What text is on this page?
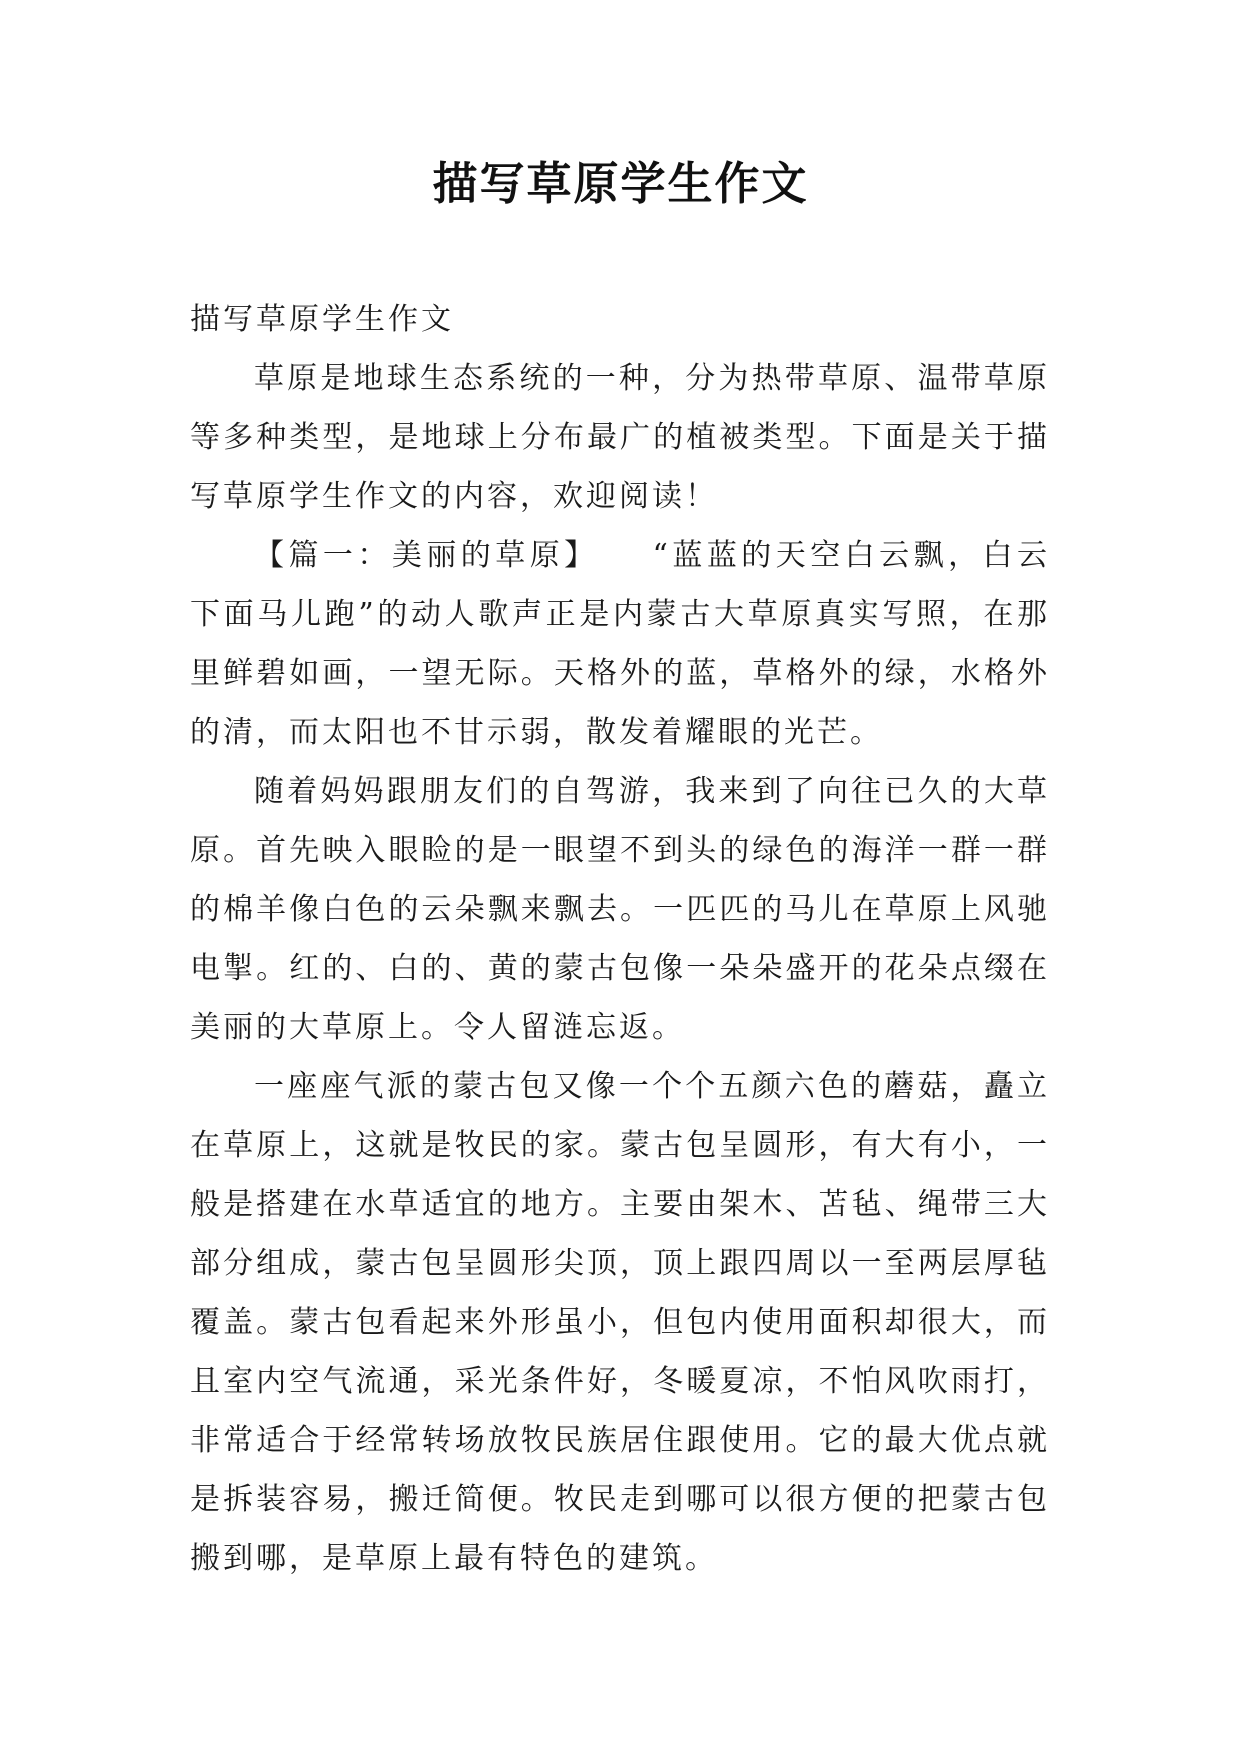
描写草原学生作文

描写草原学生作文

草原是地球生态系统的一种，分为热带草原、温带草原
等多种类型，是地球上分布最广的植被类型。下面是关于描
写草原学生作文的内容，欢迎阅读！
【篇一：美丽的草原】　　“蓝蓝的天空白云飘，白云
下面马儿跑”的动人歌声正是内蒙古大草原真实写照，在那
里鲜碧如画，一望无际。天格外的蓝，草格外的绿，水格外
的清，而太阳也不甘示弱，散发着耀眼的光芒。
随着妈妈跟朋友们的自驾游，我来到了向往已久的大草
原。首先映入眼睑的是一眼望不到头的绿色的海洋一群一群
的棉羊像白色的云朵飘来飘去。一匹匹的马儿在草原上风驰
电掣。红的、白的、黄的蒙古包像一朵朵盛开的花朵点缀在
美丽的大草原上。令人留涟忘返。
一座座气派的蒙古包又像一个个五颜六色的蘑菇，矗立
在草原上，这就是牧民的家。蒙古包呈圆形，有大有小，一
般是搭建在水草适宜的地方。主要由架木、苫毡、绳带三大
部分组成，蒙古包呈圆形尖顶，顶上跟四周以一至两层厚毡
覆盖。蒙古包看起来外形虽小，但包内使用面积却很大，而
且室内空气流通，采光条件好，冬暖夏凉，不怕风吹雨打，
非常适合于经常转场放牧民族居住跟使用。它的最大优点就
是拆装容易，搬迁简便。牧民走到哪可以很方便的把蒙古包
搬到哪，是草原上最有特色的建筑。
